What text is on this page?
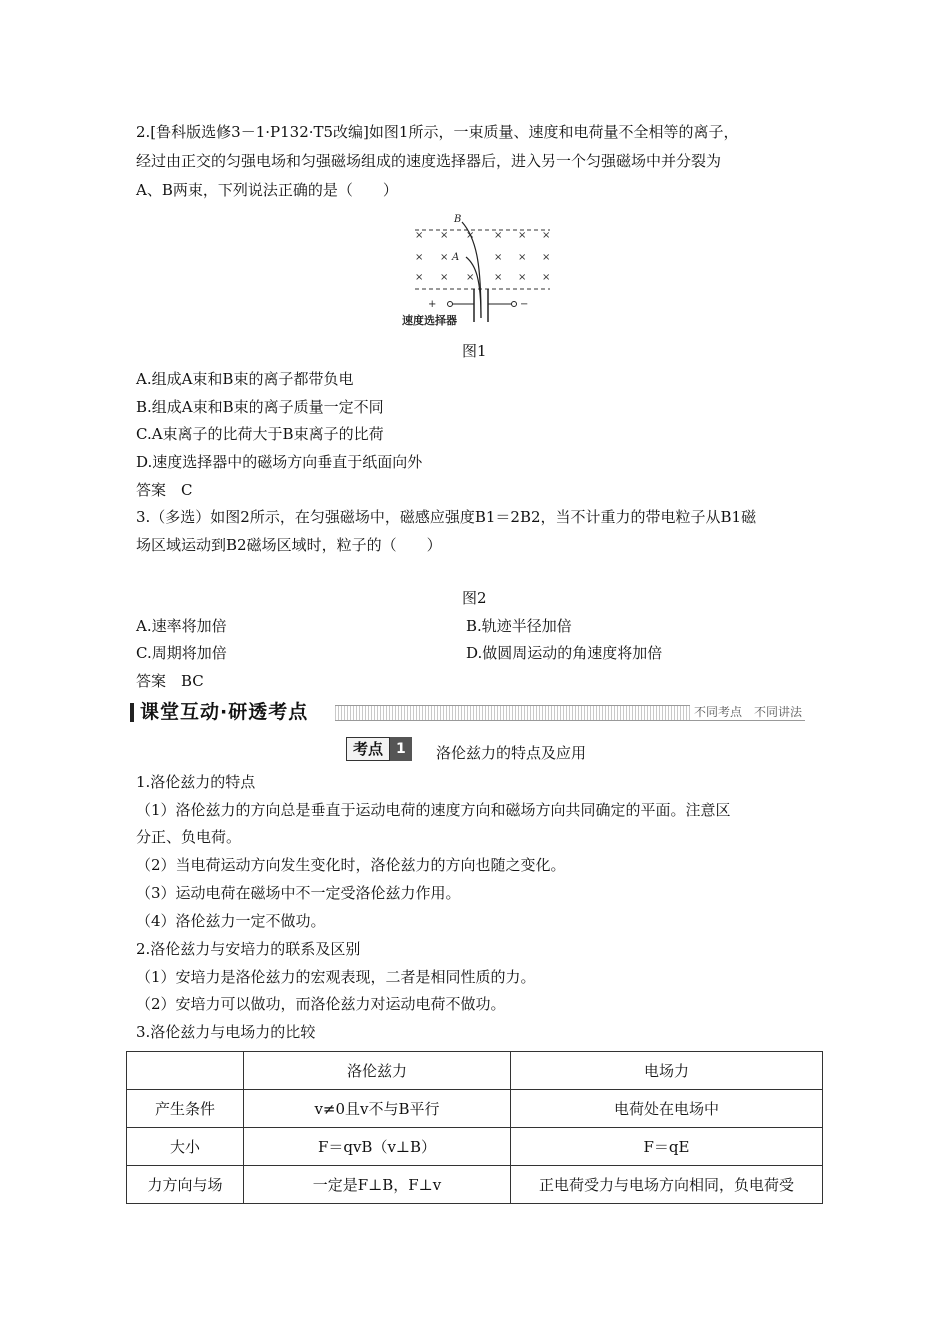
2.[鲁科版选修3－1·P132·T5改编]如图1所示，一束质量、速度和电荷量不全相等的离子，
经过由正交的匀强电场和匀强磁场组成的速度选择器后，进入另一个匀强磁场中并分裂为
A、B两束，下列说法正确的是（　　）
× × × × × ×
× ×	× × ×
× × × × × ×
B
A
+	−
速度选择器
图1
A.组成A束和B束的离子都带负电
B.组成A束和B束的离子质量一定不同
C.A束离子的比荷大于B束离子的比荷
D.速度选择器中的磁场方向垂直于纸面向外
答案　C
3.（多选）如图2所示，在匀强磁场中，磁感应强度B1＝2B2，当不计重力的带电粒子从B1磁
场区域运动到B2磁场区域时，粒子的（　　）
图2
A.速率将加倍	B.轨迹半径加倍
C.周期将加倍	D.做圆周运动的角速度将加倍
答案　BC
课堂互动·研透考点	不同考点　不同讲法
考点 1	洛伦兹力的特点及应用
1.洛伦兹力的特点
（1）洛伦兹力的方向总是垂直于运动电荷的速度方向和磁场方向共同确定的平面。注意区
分正、负电荷。
（2）当电荷运动方向发生变化时，洛伦兹力的方向也随之变化。
（3）运动电荷在磁场中不一定受洛伦兹力作用。
（4）洛伦兹力一定不做功。
2.洛伦兹力与安培力的联系及区别
（1）安培力是洛伦兹力的宏观表现，二者是相同性质的力。
（2）安培力可以做功，而洛伦兹力对运动电荷不做功。
3.洛伦兹力与电场力的比较
	洛伦兹力	电场力
产生条件	v≠0且v不与B平行	电荷处在电场中
大小	F＝qvB（v⊥B）	F＝qE
力方向与场	一定是F⊥B，F⊥v	正电荷受力与电场方向相同，负电荷受
